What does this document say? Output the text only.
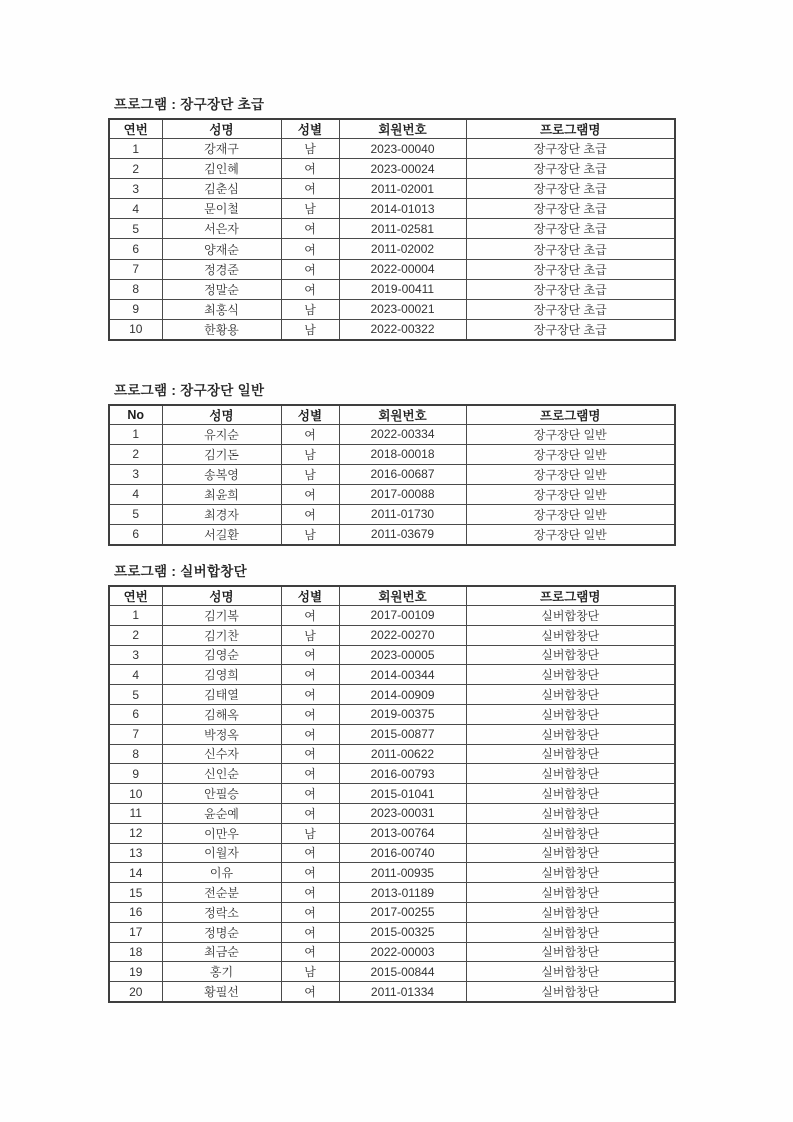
프로그램 : 장구장단 초급
연번	성명	성별	회원번호	프로그램명
1	강재구	남	2023-00040	장구장단 초급
2	김인혜	여	2023-00024	장구장단 초급
3	김춘심	여	2011-02001	장구장단 초급
4	문이철	남	2014-01013	장구장단 초급
5	서은자	여	2011-02581	장구장단 초급
6	양재순	여	2011-02002	장구장단 초급
7	정경준	여	2022-00004	장구장단 초급
8	정말순	여	2019-00411	장구장단 초급
9	최홍식	남	2023-00021	장구장단 초급
10	한황용	남	2022-00322	장구장단 초급
프로그램 : 장구장단 일반
No	성명	성별	회원번호	프로그램명
1	유지순	여	2022-00334	장구장단 일반
2	김기돈	남	2018-00018	장구장단 일반
3	송복영	남	2016-00687	장구장단 일반
4	최윤희	여	2017-00088	장구장단 일반
5	최경자	여	2011-01730	장구장단 일반
6	서길환	남	2011-03679	장구장단 일반
프로그램 : 실버합창단
연번	성명	성별	회원번호	프로그램명
1	김기복	여	2017-00109	실버합창단
2	김기찬	남	2022-00270	실버합창단
3	김영순	여	2023-00005	실버합창단
4	김영희	여	2014-00344	실버합창단
5	김태열	여	2014-00909	실버합창단
6	김해옥	여	2019-00375	실버합창단
7	박정옥	여	2015-00877	실버합창단
8	신수자	여	2011-00622	실버합창단
9	신인순	여	2016-00793	실버합창단
10	안필승	여	2015-01041	실버합창단
11	윤순예	여	2023-00031	실버합창단
12	이만우	남	2013-00764	실버합창단
13	이월자	여	2016-00740	실버합창단
14	이유	여	2011-00935	실버합창단
15	전순분	여	2013-01189	실버합창단
16	정락소	여	2017-00255	실버합창단
17	정명순	여	2015-00325	실버합창단
18	최금순	여	2022-00003	실버합창단
19	홍기	남	2015-00844	실버합창단
20	황필선	여	2011-01334	실버합창단
